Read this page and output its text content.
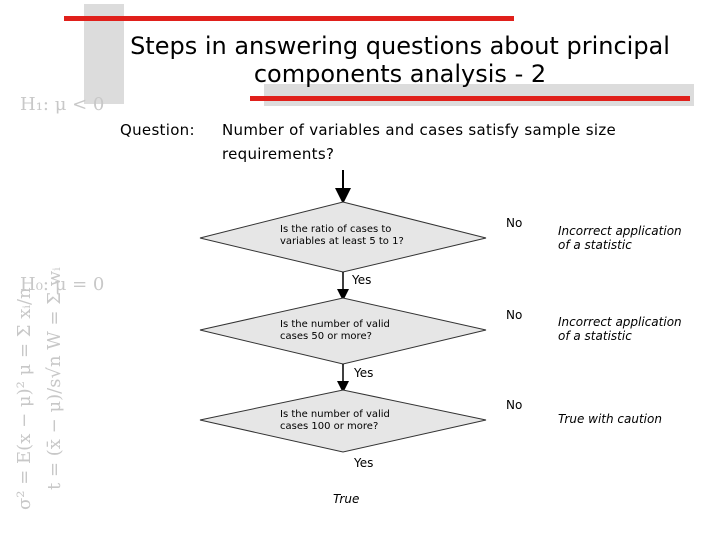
H₁: μ < 0
σ² = E(x − μ)² μ = Σ xᵢ/n t = (x̄ − μ)/s√n W = Σ wᵢ
H₀: μ = 0
Steps in answering questions about principal
components analysis - 2
Question: Number of variables and cases satisfy sample size
requirements?
Is the ratio of cases to
variables at least 5 to 1?
No
Incorrect application
of a statistic
Yes
Is the number of valid
cases 50 or more?
No	Incorrect application
of a statistic
Yes
Is the number of valid
cases 100 or more?
No
True with caution
Yes
True
